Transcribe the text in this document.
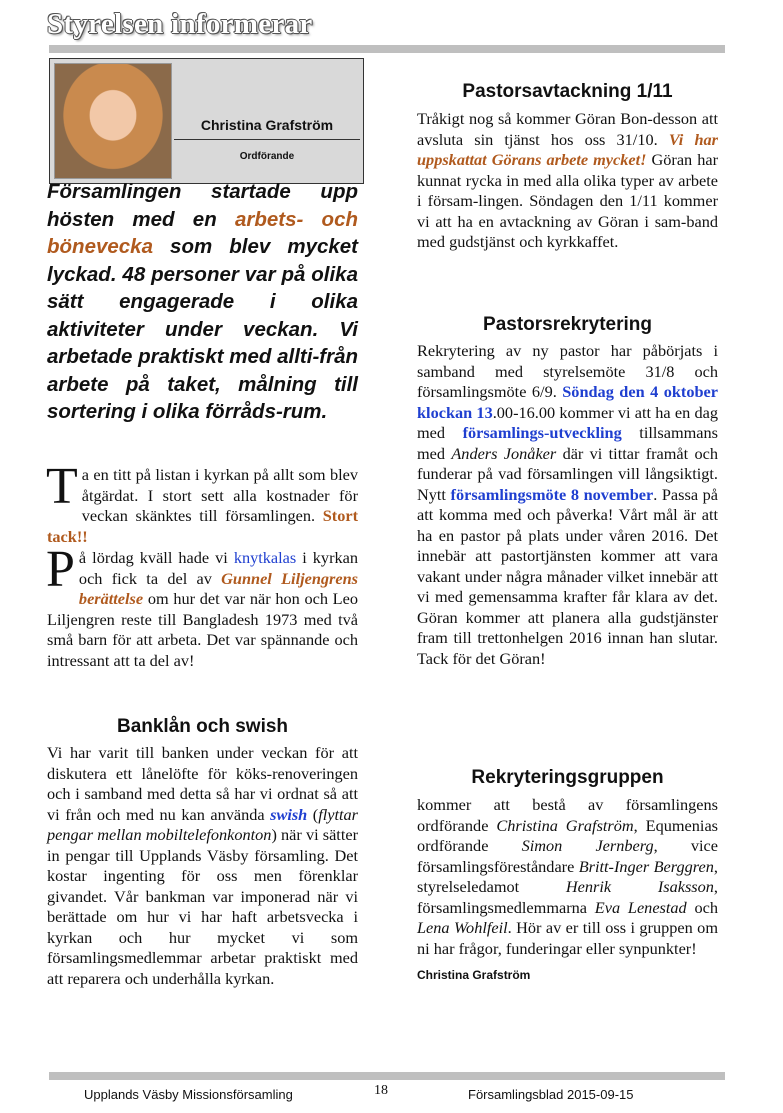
Styrelsen informerar
Christina Grafström
Ordförande
Församlingen startade upp hösten med en arbets- och bönevecka som blev mycket lyckad. 48 personer var på olika sätt engagerade i olika aktiviteter under veckan. Vi arbetade praktiskt med allti-från arbete på taket, målning till sortering i olika förråds-rum.

Ta en titt på listan i kyrkan på allt som blev åtgärdat. I stort sett alla kostnader för veckan skänktes till församlingen. Stort tack!!

På lördag kväll hade vi knytkalas i kyrkan och fick ta del av Gunnel Liljengrens berättelse om hur det var när hon och Leo Liljengren reste till Bangladesh 1973 med två små barn för att arbeta. Det var spännande och intressant att ta del av!

Banklån och swish

Vi har varit till banken under veckan för att diskutera ett lånelöfte för köks-renoveringen och i samband med detta så har vi ordnat så att vi från och med nu kan använda swish (flyttar pengar mellan mobiltelefonkonton) när vi sätter in pengar till Upplands Väsby församling. Det kostar ingenting för oss men förenklar givandet. Vår bankman var imponerad när vi berättade om hur vi har haft arbetsvecka i kyrkan och hur mycket vi som församlingsmedlemmar arbetar praktiskt med att reparera och underhålla kyrkan.

Pastorsavtackning 1/11

Tråkigt nog så kommer Göran Bon-desson att avsluta sin tjänst hos oss 31/10. Vi har uppskattat Görans arbete mycket! Göran har kunnat rycka in med alla olika typer av arbete i försam-lingen. Söndagen den 1/11 kommer vi att ha en avtackning av Göran i sam-band med gudstjänst och kyrkkaffet.

Pastorsrekrytering

Rekrytering av ny pastor har påbörjats i samband med styrelsemöte 31/8 och församlingsmöte 6/9. Söndag den 4 oktober klockan 13.00-16.00 kommer vi att ha en dag med församlings-utveckling tillsammans med Anders Jonåker där vi tittar framåt och funderar på vad församlingen vill långsiktigt. Nytt församlingsmöte 8 november. Passa på att komma med och påverka! Vårt mål är att ha en pastor på plats under våren 2016. Det innebär att pastortjänsten kommer att vara vakant under några månader vilket innebär att vi med gemensamma krafter får klara av det. Göran kommer att planera alla gudstjänster fram till trettonhelgen 2016 innan han slutar. Tack för det Göran!

Rekryteringsgruppen

kommer att bestå av församlingens ordförande Christina Grafström, Equmenias ordförande Simon Jernberg, vice församlingsföreståndare Britt-Inger Berggren, styrelseledamot Henrik Isaksson, församlingsmedlemmarna Eva Lenestad och Lena Wohlfeil. Hör av er till oss i gruppen om ni har frågor, funderingar eller synpunkter!

Christina Grafström

Upplands Väsby Missionsförsamling	18	Församlingsblad 2015-09-15
